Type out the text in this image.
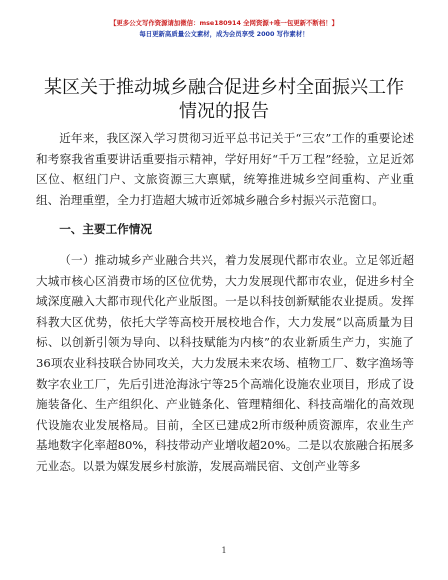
【更多公文写作资源请加微信：mse180914 全网资源+唯一包更新不断档！】
每日更新高质量公文素材，成为会员享受 2000 写作素材！
某区关于推动城乡融合促进乡村全面振兴工作
情况的报告

近年来，我区深入学习贯彻习近平总书记关于“三农”工作的重要论述和考察我省重要讲话重要指示精神，学好用好“千万工程”经验，立足近郊区位、枢纽门户、文旅资源三大禀赋，统筹推进城乡空间重构、产业重组、治理重塑，全力打造超大城市近郊城乡融合乡村振兴示范窗口。

一、主要工作情况

（一）推动城乡产业融合共兴，着力发展现代都市农业。立足邻近超大城市核心区消费市场的区位优势，大力发展现代都市农业，促进乡村全域深度融入大都市现代化产业版图。一是以科技创新赋能农业提质。发挥科教大区优势，依托大学等高校开展校地合作，大力发展“以高质量为目标、以创新引领为导向、以科技赋能为内核”的农业新质生产力，实施了36项农业科技联合协同攻关，大力发展未来农场、植物工厂、数字渔场等数字农业工厂，先后引进沧海泳宁等25个高端化设施农业项目，形成了设施装备化、生产组织化、产业链条化、管理精细化、科技高端化的高效现代设施农业发展格局。目前，全区已建成2所市级种质资源库，农业生产基地数字化率超80%，科技带动产业增收超20%。二是以农旅融合拓展多元业态。以景为媒发展乡村旅游，发展高端民宿、文创产业等多

1
